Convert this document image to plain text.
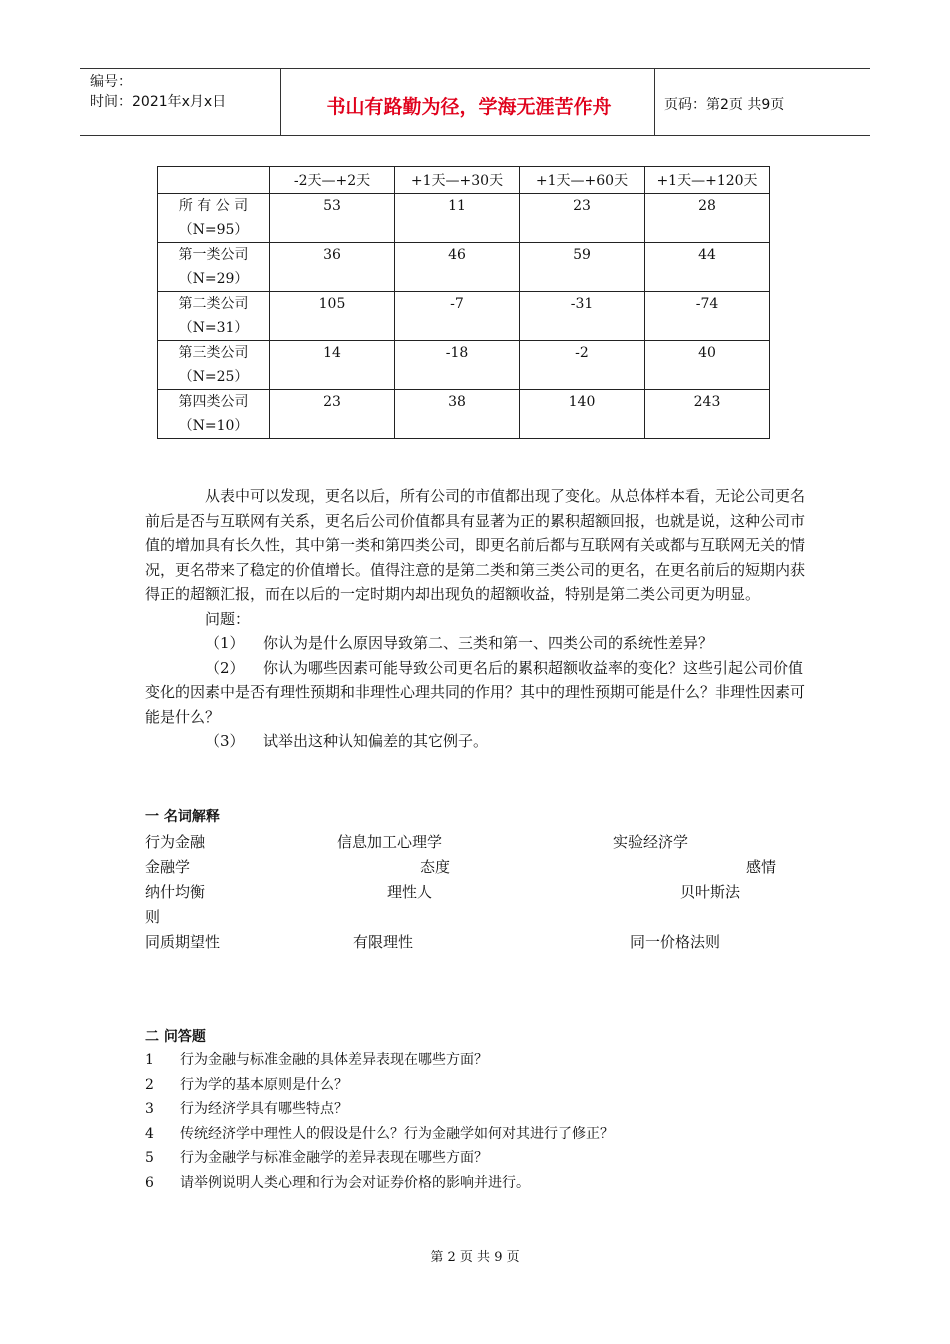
编号：
时间：2021年x月x日	书山有路勤为径，学海无涯苦作舟	页码：第2页 共9页
	-2天—+2天	+1天—+30天	+1天—+60天	+1天—+120天

所 有 公 司
（N=95）	53	11	23	28

第一类公司
（N=29）	36	46	59	44

第二类公司
（N=31）	105	-7	-31	-74

第三类公司
（N=25）	14	-18	-2	40

第四类公司
（N=10）	23	38	140	243

从表中可以发现，更名以后，所有公司的市值都出现了变化。从总体样本看，无论公司更名前后是否与互联网有关系，更名后公司价值都具有显著为正的累积超额回报，也就是说，这种公司市值的增加具有长久性，其中第一类和第四类公司，即更名前后都与互联网有关或都与互联网无关的情况，更名带来了稳定的价值增长。值得注意的是第二类和第三类公司的更名，在更名前后的短期内获得正的超额汇报，而在以后的一定时期内却出现负的超额收益，特别是第二类公司更为明显。

问题：

（1） 你认为是什么原因导致第二、三类和第一、四类公司的系统性差异？

（2） 你认为哪些因素可能导致公司更名后的累积超额收益率的变化？这些引起公司价值变化的因素中是否有理性预期和非理性心理共同的作用？其中的理性预期可能是什么？非理性因素可能是什么？

（3） 试举出这种认知偏差的其它例子。

一 名词解释
行为金融	信息加工心理学	实验经济学
金融学	态度	感情
纳什均衡	理性人	贝叶斯法
则
同质期望性	有限理性	同一价格法则
二 问答题
1 行为金融与标准金融的具体差异表现在哪些方面？
2 行为学的基本原则是什么？
3 行为经济学具有哪些特点？
4 传统经济学中理性人的假设是什么？行为金融学如何对其进行了修正？
5 行为金融学与标准金融学的差异表现在哪些方面？
6 请举例说明人类心理和行为会对证券价格的影响并进行。
第 2 页 共 9 页
